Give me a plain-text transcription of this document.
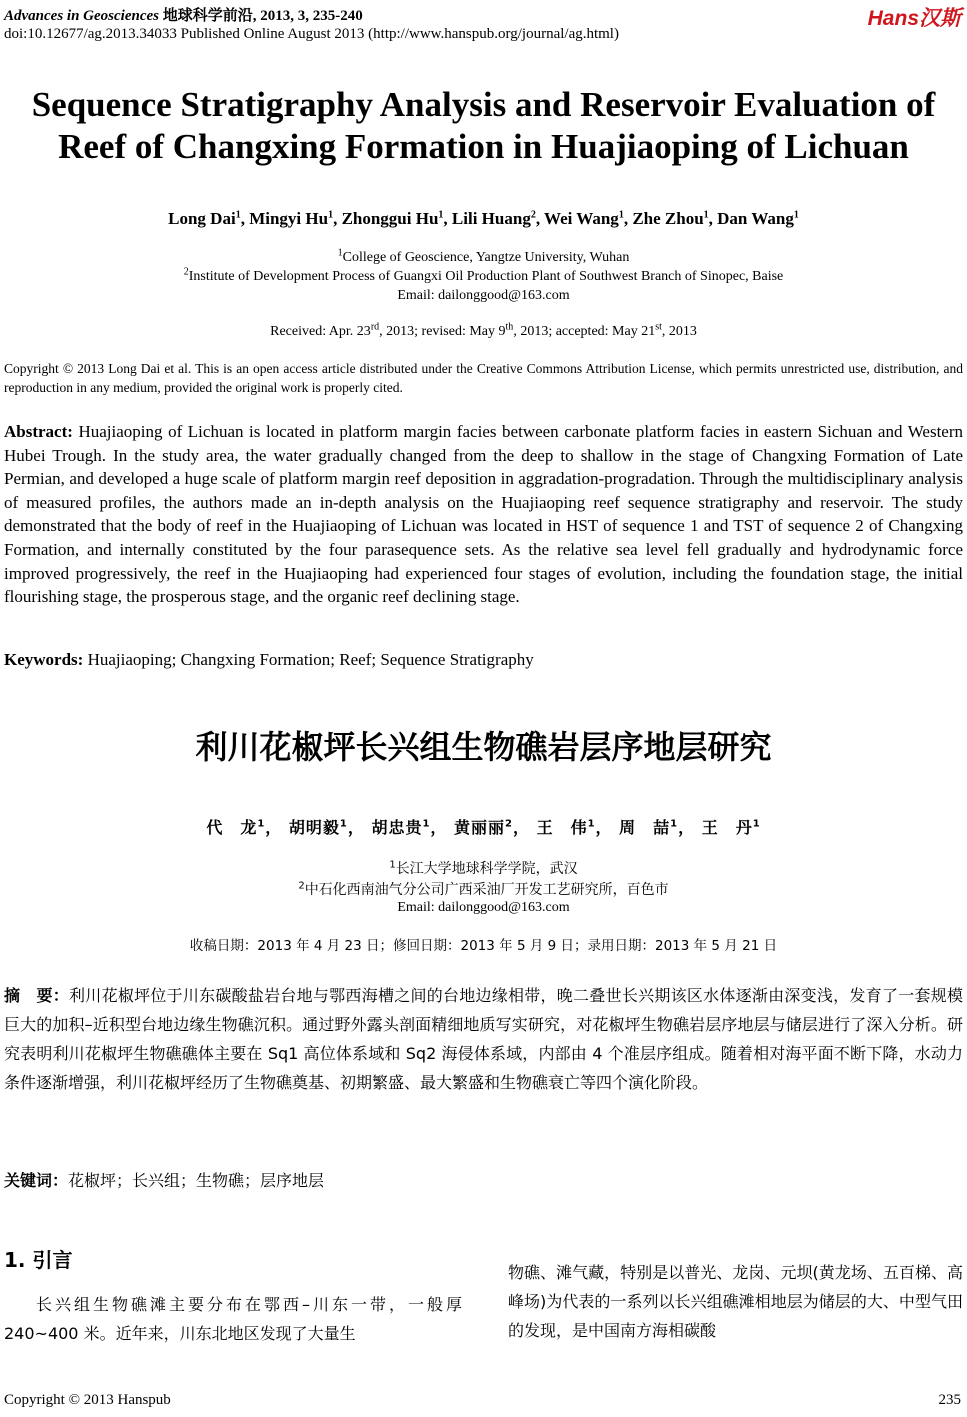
Advances in Geosciences 地球科学前沿, 2013, 3, 235-240
doi:10.12677/ag.2013.34033 Published Online August 2013 (http://www.hanspub.org/journal/ag.html)
Hans汉斯
Sequence Stratigraphy Analysis and Reservoir Evaluation of
Reef of Changxing Formation in Huajiaoping of Lichuan
Long Dai$^1$, Mingyi Hu$^1$, Zhonggui Hu$^1$, Lili Huang$^2$, Wei Wang$^1$, Zhe Zhou$^1$, Dan Wang$^1$
$^1$College of Geoscience, Yangtze University, Wuhan
$^2$Institute of Development Process of Guangxi Oil Production Plant of Southwest Branch of Sinopec, Baise
Email: dailonggood@163.com
Received: Apr. 23rd, 2013; revised: May 9th, 2013; accepted: May 21st, 2013
Copyright © 2013 Long Dai et al. This is an open access article distributed under the Creative Commons Attribution License, which permits unrestricted use, distribution, and reproduction in any medium, provided the original work is properly cited.
Abstract: Huajiaoping of Lichuan is located in platform margin facies between carbonate platform facies in eastern Sichuan and Western Hubei Trough. In the study area, the water gradually changed from the deep to shallow in the stage of Changxing Formation of Late Permian, and developed a huge scale of platform margin reef deposition in aggradation-progradation. Through the multidisciplinary analysis of measured profiles, the authors made an in-depth analysis on the Huajiaoping reef sequence stratigraphy and reservoir. The study demonstrated that the body of reef in the Huajiaoping of Lichuan was located in HST of sequence 1 and TST of sequence 2 of Changxing Formation, and internally constituted by the four parasequence sets. As the relative sea level fell gradually and hydrodynamic force improved progressively, the reef in the Huajiaoping had experienced four stages of evolution, including the foundation stage, the initial flourishing stage, the prosperous stage, and the organic reef declining stage.
Keywords: Huajiaoping; Changxing Formation; Reef; Sequence Stratigraphy
利川花椒坪长兴组生物礁岩层序地层研究
代　龙$^1$， 胡明毅$^1$， 胡忠贵$^1$， 黄丽丽$^2$， 王　伟$^1$， 周　喆$^1$， 王　丹$^1$
$^1$长江大学地球科学学院，武汉
$^2$中石化西南油气分公司广西采油厂开发工艺研究所，百色市
Email: dailonggood@163.com
收稿日期：2013 年 4 月 23 日；修回日期：2013 年 5 月 9 日；录用日期：2013 年 5 月 21 日
摘　要：利川花椒坪位于川东碳酸盐岩台地与鄂西海槽之间的台地边缘相带，晚二叠世长兴期该区水体逐渐由深变浅，发育了一套规模巨大的加积–近积型台地边缘生物礁沉积。通过野外露头剖面精细地质写实研究，对花椒坪生物礁岩层序地层与储层进行了深入分析。研究表明利川花椒坪生物礁礁体主要在 Sq1 高位体系域和 Sq2 海侵体系域，内部由 4 个准层序组成。随着相对海平面不断下降，水动力条件逐渐增强，利川花椒坪经历了生物礁奠基、初期繁盛、最大繁盛和生物礁衰亡等四个演化阶段。
关键词：花椒坪；长兴组；生物礁；层序地层
1. 引言
长兴组生物礁滩主要分布在鄂西–川东一带，一般厚 240~400 米。近年来，川东北地区发现了大量生
物礁、滩气藏，特别是以普光、龙岗、元坝(黄龙场、五百梯、高峰场)为代表的一系列以长兴组礁滩相地层为储层的大、中型气田的发现，是中国南方海相碳酸
Copyright © 2013 Hanspub	235
